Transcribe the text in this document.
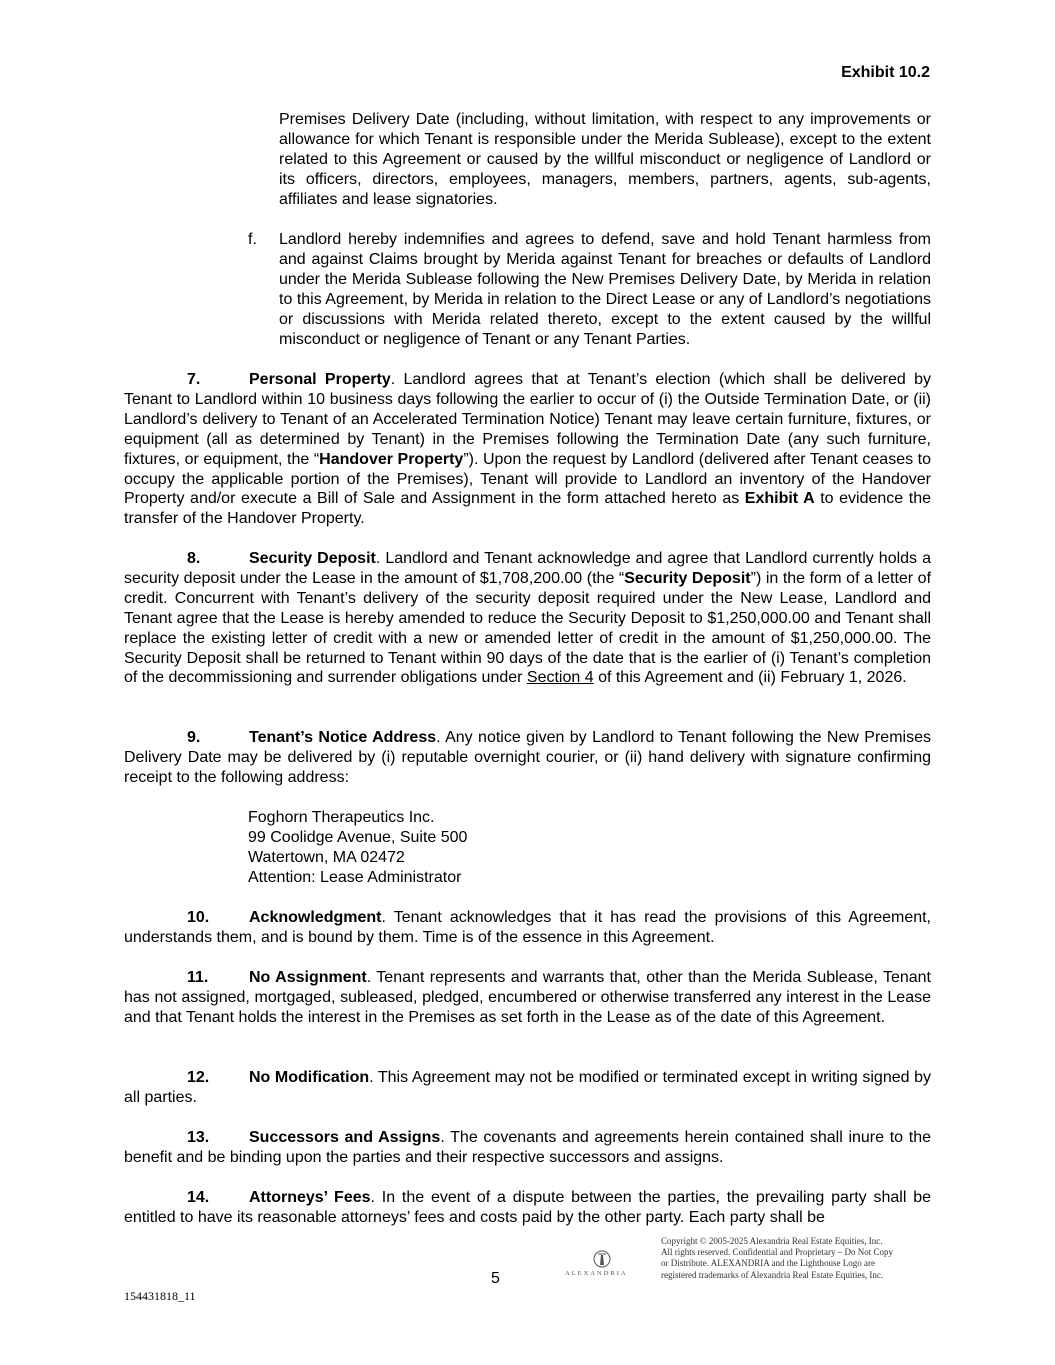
Exhibit 10.2

Premises Delivery Date (including, without limitation, with respect to any improvements or allowance for which Tenant is responsible under the Merida Sublease), except to the extent related to this Agreement or caused by the willful misconduct or negligence of Landlord or its officers, directors, employees, managers, members, partners, agents, sub-agents, affiliates and lease signatories.

f. Landlord hereby indemnifies and agrees to defend, save and hold Tenant harmless from and against Claims brought by Merida against Tenant for breaches or defaults of Landlord under the Merida Sublease following the New Premises Delivery Date, by Merida in relation to this Agreement, by Merida in relation to the Direct Lease or any of Landlord’s negotiations or discussions with Merida related thereto, except to the extent caused by the willful misconduct or negligence of Tenant or any Tenant Parties.

7.	Personal Property. Landlord agrees that at Tenant’s election (which shall be delivered by Tenant to Landlord within 10 business days following the earlier to occur of (i) the Outside Termination Date, or (ii) Landlord’s delivery to Tenant of an Accelerated Termination Notice) Tenant may leave certain furniture, fixtures, or equipment (all as determined by Tenant) in the Premises following the Termination Date (any such furniture, fixtures, or equipment, the “Handover Property”). Upon the request by Landlord (delivered after Tenant ceases to occupy the applicable portion of the Premises), Tenant will provide to Landlord an inventory of the Handover Property and/or execute a Bill of Sale and Assignment in the form attached hereto as Exhibit A to evidence the transfer of the Handover Property.

8.	Security Deposit. Landlord and Tenant acknowledge and agree that Landlord currently holds a security deposit under the Lease in the amount of $1,708,200.00 (the “Security Deposit”) in the form of a letter of credit. Concurrent with Tenant’s delivery of the security deposit required under the New Lease, Landlord and Tenant agree that the Lease is hereby amended to reduce the Security Deposit to $1,250,000.00 and Tenant shall replace the existing letter of credit with a new or amended letter of credit in the amount of $1,250,000.00. The Security Deposit shall be returned to Tenant within 90 days of the date that is the earlier of (i) Tenant’s completion of the decommissioning and surrender obligations under Section 4 of this Agreement and (ii) February 1, 2026.

9.	Tenant’s Notice Address. Any notice given by Landlord to Tenant following the New Premises Delivery Date may be delivered by (i) reputable overnight courier, or (ii) hand delivery with signature confirming receipt to the following address:

Foghorn Therapeutics Inc.
99 Coolidge Avenue, Suite 500
Watertown, MA 02472
Attention: Lease Administrator

10. Acknowledgment. Tenant acknowledges that it has read the provisions of this Agreement, understands them, and is bound by them. Time is of the essence in this Agreement.

11.	No Assignment. Tenant represents and warrants that, other than the Merida Sublease, Tenant has not assigned, mortgaged, subleased, pledged, encumbered or otherwise transferred any interest in the Lease and that Tenant holds the interest in the Premises as set forth in the Lease as of the date of this Agreement.

12. No Modification. This Agreement may not be modified or terminated except in writing signed by all parties.

13. Successors and Assigns. The covenants and agreements herein contained shall inure to the benefit and be binding upon the parties and their respective successors and assigns.

14. Attorneys’ Fees. In the event of a dispute between the parties, the prevailing party shall be entitled to have its reasonable attorneys’ fees and costs paid by the other party. Each party shall be

5
154431818_11
ALEXANDRIA
Copyright © 2005-2025 Alexandria Real Estate Equities, Inc.
All rights reserved. Confidential and Proprietary – Do Not Copy
or Distribute. ALEXANDRIA and the Lighthouse Logo are
registered trademarks of Alexandria Real Estate Equities, Inc.
